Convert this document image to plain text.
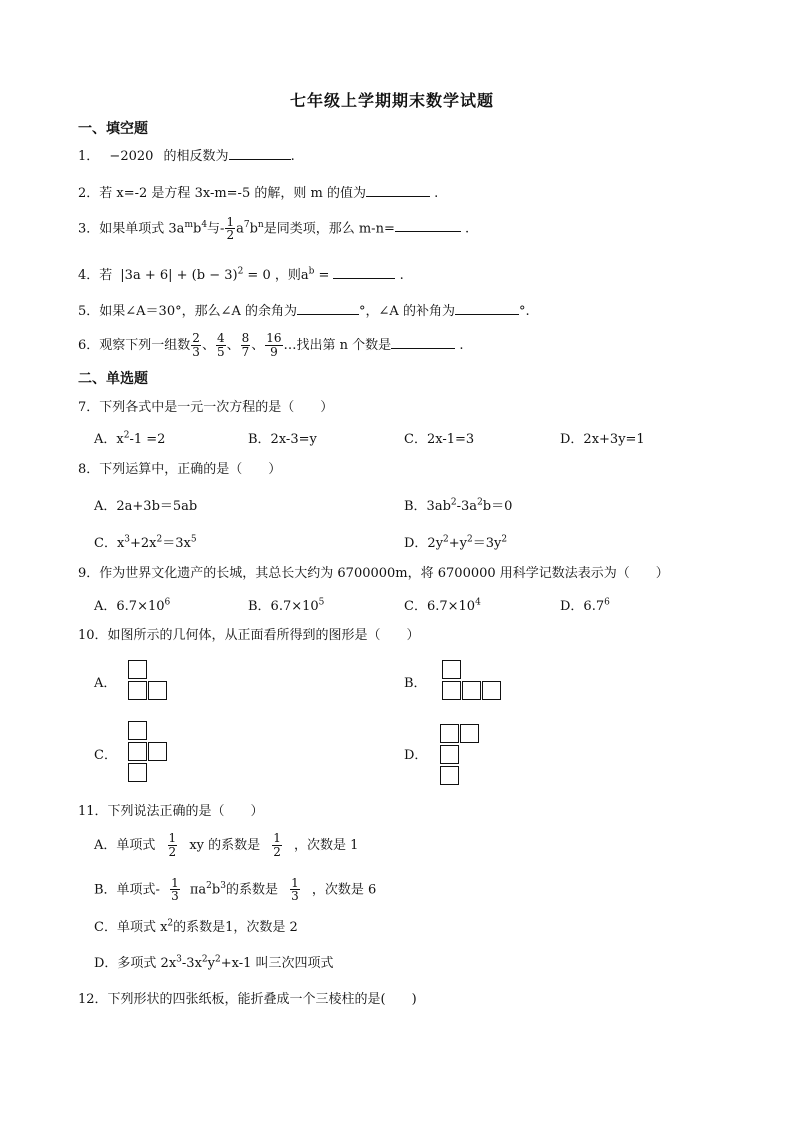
七年级上学期期末数学试题
一、填空题
1． −2020 的相反数为	.
2．若 x=-2 是方程 3x-m=-5 的解，则 m 的值为	.
3．如果单项式 $3a^mb^4$与- $\frac{1}{2} a^7b^n$是同类项，那么 m-n=	.
4．若 $|3a + 6| + (b - 3)^2 = 0$ ，则$a^b$ =	.
5．如果∠A＝30°，那么∠A 的余角为	°，∠A 的补角为	°.
6．观察下列一组数 $\frac{2}{3}$ 、 $\frac{4}{5}$ 、 $\frac{8}{7}$ 、 $\frac{16}{9}$ …找出第 n 个数是	.
二、单选题
7．下列各式中是一元一次方程的是（　　）
A．$x^2-1 =2$	B．2x-3=y	C．2x-1=3	D．2x+3y=1
8．下列运算中，正确的是（　　）
A．2a+3b＝5ab	B．$3ab^2-3a^2b=0$
C．$x^3+2x^2=3x^5$	D．$2y^2+y^2=3y^2$
9．作为世界文化遗产的长城，其总长大约为 6700000m，将 6700000 用科学记数法表示为（　　）
A．$6.7\times 10^6$	B．$6.7\times 10^5$	C．$6.7\times 10^4$	D．$6.7^6$
10．如图所示的几何体，从正面看所得到的图形是（　　）
A．	B．
C．	D．
11．下列说法正确的是（　　）
A．单项式 $\frac{1}{2}$ xy 的系数是 $\frac{1}{2}$ ，次数是 1
B．单项式- $\frac{1}{3} \pi a^2b^3$的系数是 $\frac{1}{3}$ ，次数是 6
C．单项式 $x^2$的系数是1，次数是 2
D．多项式 $2x^3-3x^2y^2+x-1$ 叫三次四项式
12．下列形状的四张纸板，能折叠成一个三棱柱的是(　　)
